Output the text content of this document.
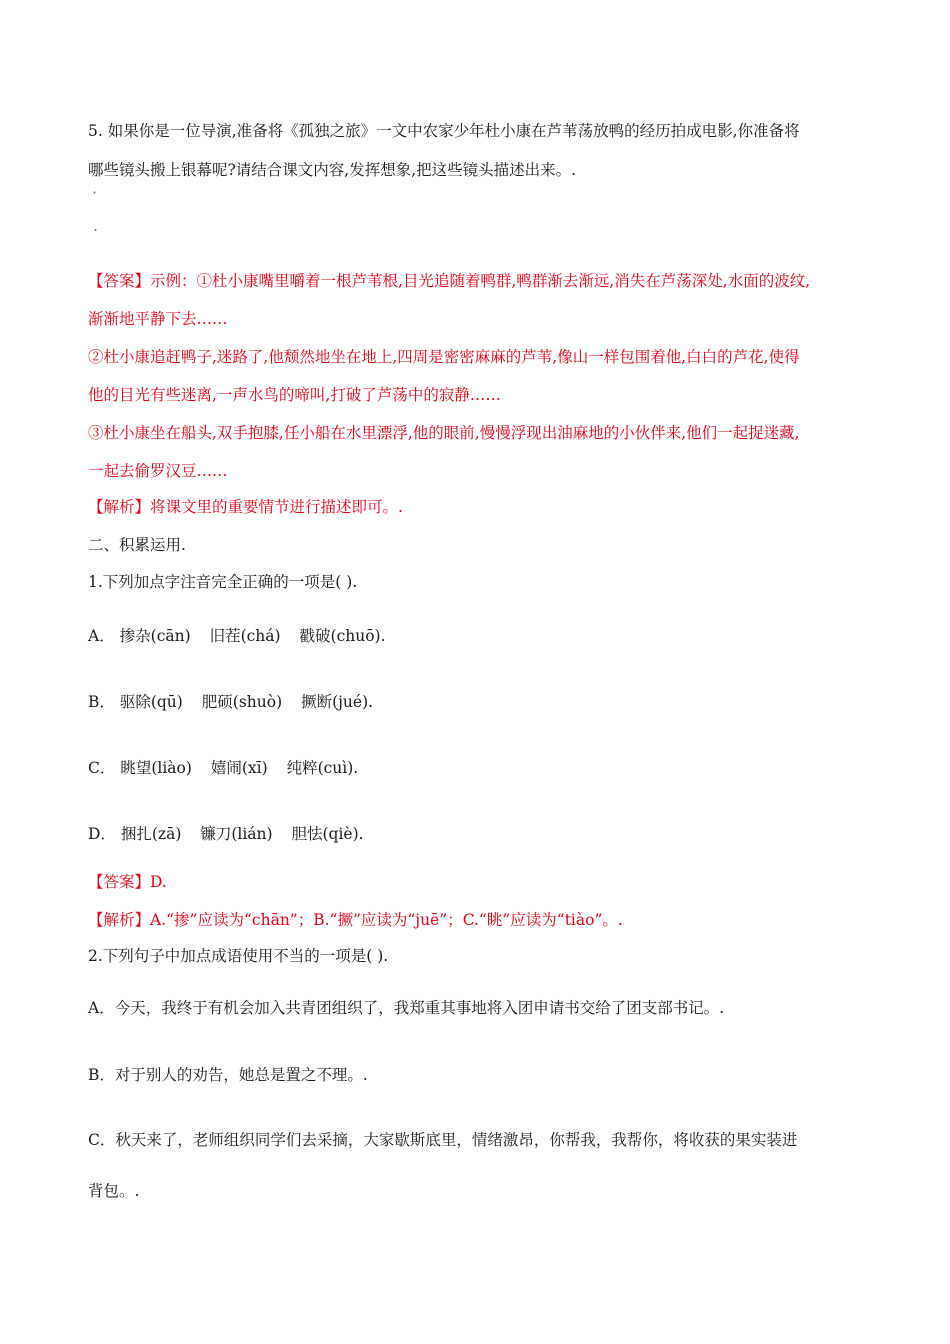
5. 如果你是一位导演,准备将《孤独之旅》一文中农家少年杜小康在芦苇荡放鸭的经历拍成电影,你准备将
哪些镜头搬上银幕呢?请结合课文内容,发挥想象,把这些镜头描述出来。.
·
.
【答案】示例：①杜小康嘴里嚼着一根芦苇根,目光追随着鸭群,鸭群渐去渐远,消失在芦荡深处,水面的波纹,
渐渐地平静下去……
②杜小康追赶鸭子,迷路了,他颓然地坐在地上,四周是密密麻麻的芦苇,像山一样包围着他,白白的芦花,使得
他的目光有些迷离,一声水鸟的啼叫,打破了芦荡中的寂静……
③杜小康坐在船头,双手抱膝,任小船在水里漂浮,他的眼前,慢慢浮现出油麻地的小伙伴来,他们一起捉迷藏,
一起去偷罗汉豆……
【解析】将课文里的重要情节进行描述即可。.
二、积累运用.
1.下列加点字注音完全正确的一项是( ).
A． 掺杂(cān) 旧茬(chá) 戳破(chuō).
B． 驱除(qū) 肥硕(shuò) 撅断(jué).
C． 眺望(liào) 嬉闹(xī) 纯粹(cuì).
D． 捆扎(zā) 镰刀(lián) 胆怯(qiè).
【答案】D.
【解析】A.“掺”应读为“chān”；B.“撅”应读为“juē”；C.“眺”应读为“tiào”。.
2.下列句子中加点成语使用不当的一项是( ).
A．今天，我终于有机会加入共青团组织了，我郑重其事地将入团申请书交给了团支部书记。.
B．对于别人的劝告，她总是置之不理。.
C．秋天来了，老师组织同学们去采摘，大家歇斯底里，情绪激昂，你帮我，我帮你，将收获的果实装进
背包。.
